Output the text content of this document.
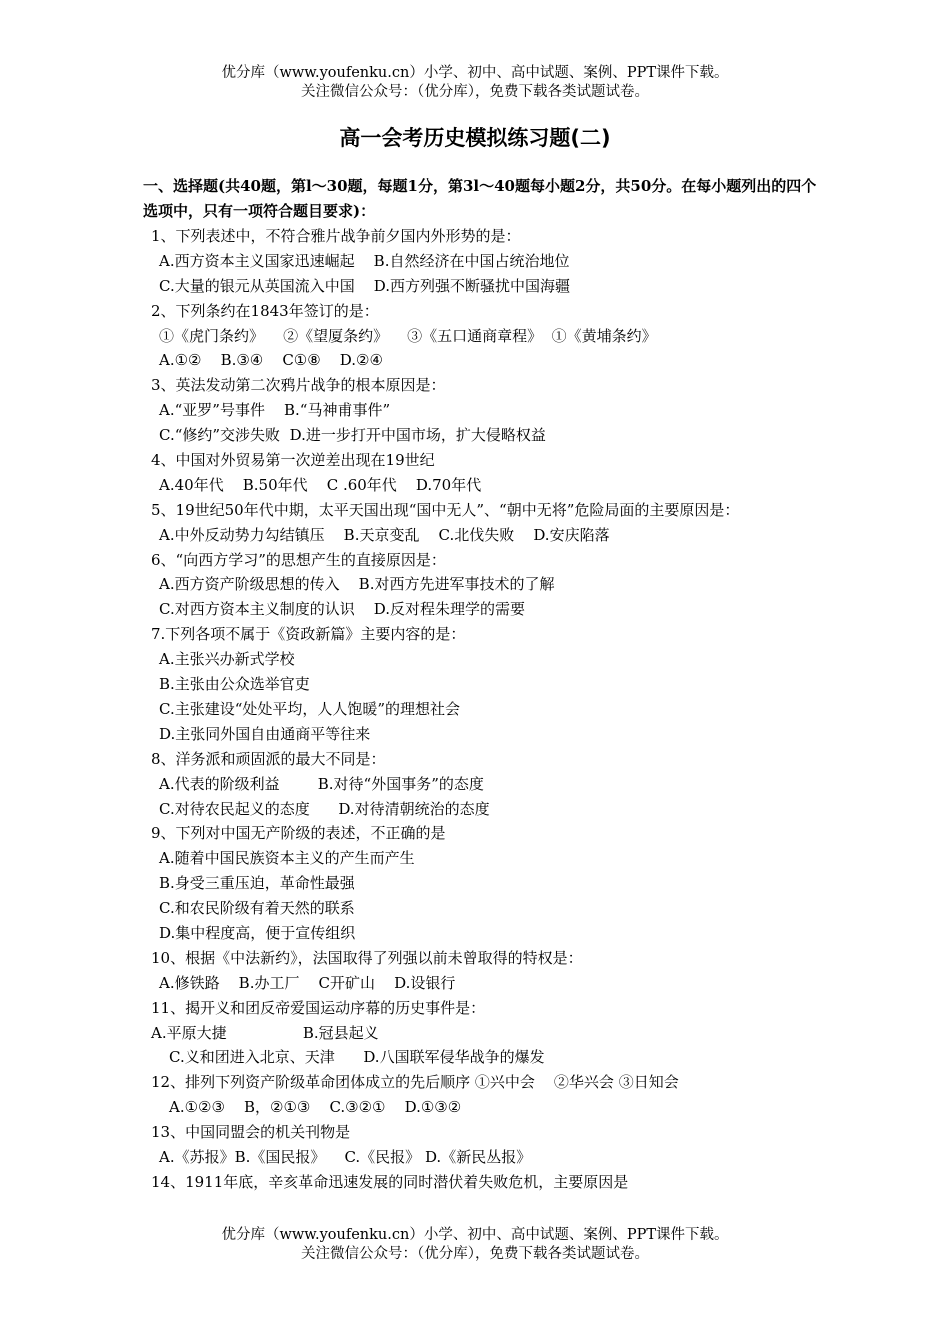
优分库（www.youfenku.cn）小学、初中、高中试题、案例、PPT课件下载。
关注微信公众号：（优分库），免费下载各类试题试卷。
高一会考历史模拟练习题(二)
一、选择题(共40题，第l～30题，每题1分，第3l～40题每小题2分，共50分。在每小题列出的四个选项中，只有一项符合题目要求)：
1、下列表述中，不符合雅片战争前夕国内外形势的是：
A.西方资本主义国家迅速崛起    B.自然经济在中国占统治地位
C.大量的银元从英国流入中国    D.西方列强不断骚扰中国海疆
2、下列条约在1843年签订的是：
①《虎门条约》    ②《望厦条约》    ③《五口通商章程》  ①《黄埔条约》
A.①②    B.③④    C①⑧    D.②④
3、英法发动第二次鸦片战争的根本原因是：
A.“亚罗”号事件    B.“马神甫事件”
C.“修约”交涉失败  D.进一步打开中国市场，扩大侵略权益
4、中国对外贸易第一次逆差出现在19世纪
A.40年代    B.50年代    C .60年代    D.70年代
5、19世纪50年代中期，太平天国出现“国中无人”、“朝中无将”危险局面的主要原因是：
A.中外反动势力勾结镇压    B.天京变乱    C.北伐失败    D.安庆陷落
6、“向西方学习”的思想产生的直接原因是：
A.西方资产阶级思想的传入    B.对西方先进军事技术的了解
C.对西方资本主义制度的认识    D.反对程朱理学的需要
7.下列各项不属于《资政新篇》主要内容的是：
A.主张兴办新式学校
B.主张由公众选举官吏
C.主张建设“处处平均，人人饱暖”的理想社会
D.主张同外国自由通商平等往来
8、洋务派和顽固派的最大不同是：
A.代表的阶级利益        B.对待“外国事务”的态度
C.对待农民起义的态度      D.对待清朝统治的态度
9、下列对中国无产阶级的表述，不正确的是
A.随着中国民族资本主义的产生而产生
B.身受三重压迫，革命性最强
C.和农民阶级有着天然的联系
D.集中程度高，便于宣传组织
10、根据《中法新约》，法国取得了列强以前未曾取得的特权是：
A.修铁路    B.办工厂    C开矿山    D.设银行
11、揭开义和团反帝爱国运动序幕的历史事件是：
A.平原大捷                B.冠县起义
C.义和团进入北京、天津      D.八国联军侵华战争的爆发
12、排列下列资产阶级革命团体成立的先后顺序 ①兴中会    ②华兴会 ③日知会
A.①②③    B，②①③    C.③②①    D.①③②
13、中国同盟会的机关刊物是
A.《苏报》B.《国民报》    C.《民报》 D.《新民丛报》
14、1911年底，辛亥革命迅速发展的同时潜伏着失败危机，主要原因是
优分库（www.youfenku.cn）小学、初中、高中试题、案例、PPT课件下载。
关注微信公众号：（优分库），免费下载各类试题试卷。
